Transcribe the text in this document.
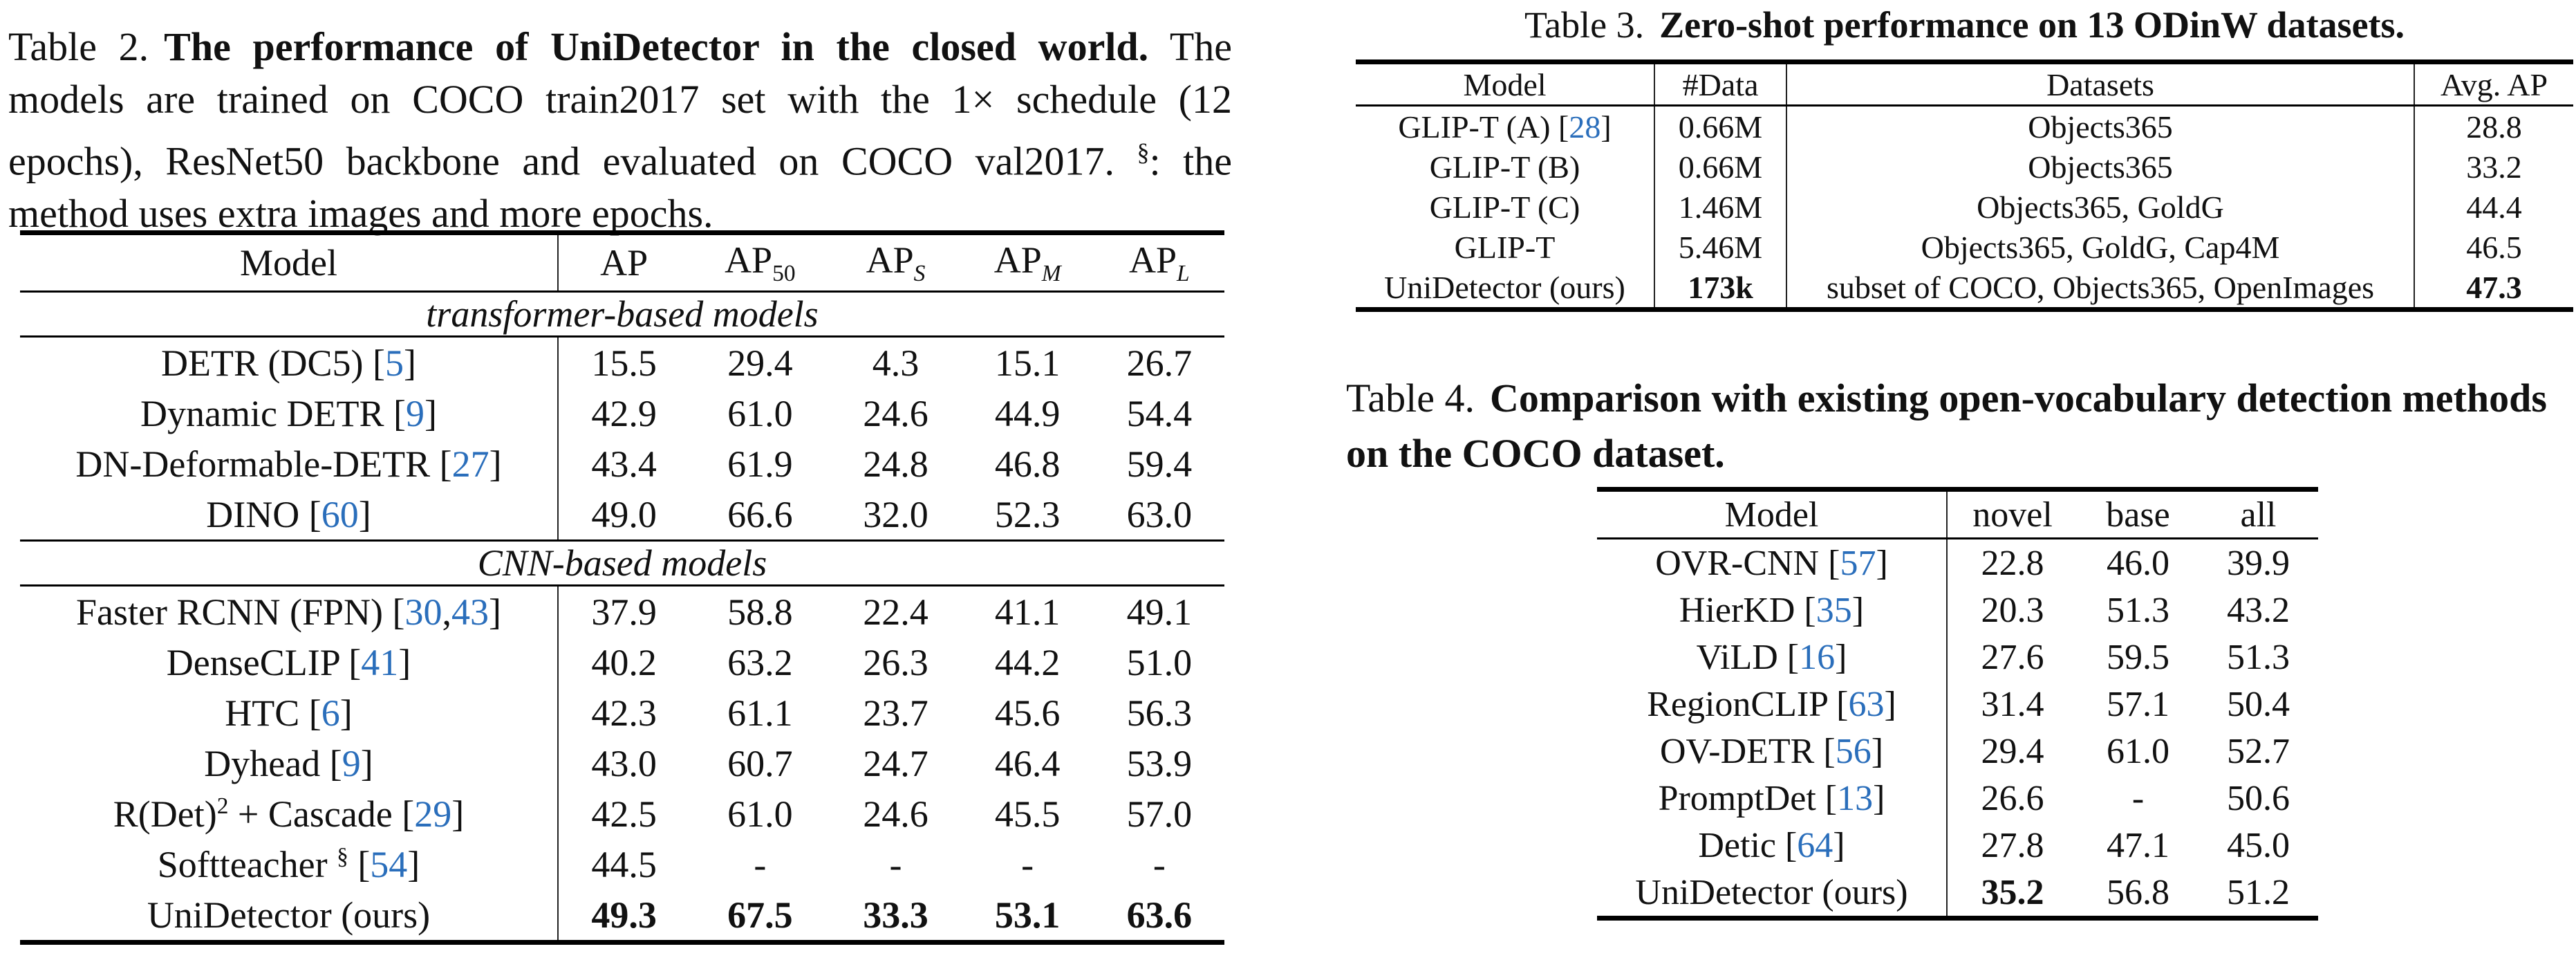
Table 2. The performance of UniDetector in the closed world. The models are trained on COCO train2017 set with the 1× schedule (12 epochs), ResNet50 backbone and evaluated on COCO val2017. §: the method uses extra images and more epochs.
Model	AP	$AP_{50}$	$AP_S$	$AP_M$	$AP_L$
transformer-based models					
DETR (DC5) [5]	15.5	29.4	4.3	15.1	26.7
Dynamic DETR [9]	42.9	61.0	24.6	44.9	54.4
DN-Deformable-DETR [27]	43.4	61.9	24.8	46.8	59.4
DINO [60]	49.0	66.6	32.0	52.3	63.0
CNN-based models					
Faster RCNN (FPN) [30,43]	37.9	58.8	22.4	41.1	49.1
DenseCLIP [41]	40.2	63.2	26.3	44.2	51.0
HTC [6]	42.3	61.1	23.7	45.6	56.3
Dyhead [9]	43.0	60.7	24.7	46.4	53.9
R(Det)$^2$ + Cascade [29]	42.5	61.0	24.6	45.5	57.0
Softteacher § [54]	44.5	-	-	-	-
UniDetector (ours)	49.3	67.5	33.3	53.1	63.6
Table 3. Zero-shot performance on 13 ODinW datasets.
Model	#Data	Datasets	Avg. AP
GLIP-T (A) [28]	0.66M	Objects365	28.8
GLIP-T (B)	0.66M	Objects365	33.2
GLIP-T (C)	1.46M	Objects365, GoldG	44.4
GLIP-T	5.46M	Objects365, GoldG, Cap4M	46.5
UniDetector (ours)	173k	subset of COCO, Objects365, OpenImages	47.3
Table 4. Comparison with existing open-vocabulary detection methods on the COCO dataset.
Model	novel	base	all
OVR-CNN [57]	22.8	46.0	39.9
HierKD [35]	20.3	51.3	43.2
ViLD [16]	27.6	59.5	51.3
RegionCLIP [63]	31.4	57.1	50.4
OV-DETR [56]	29.4	61.0	52.7
PromptDet [13]	26.6	-	50.6
Detic [64]	27.8	47.1	45.0
UniDetector (ours)	35.2	56.8	51.2
